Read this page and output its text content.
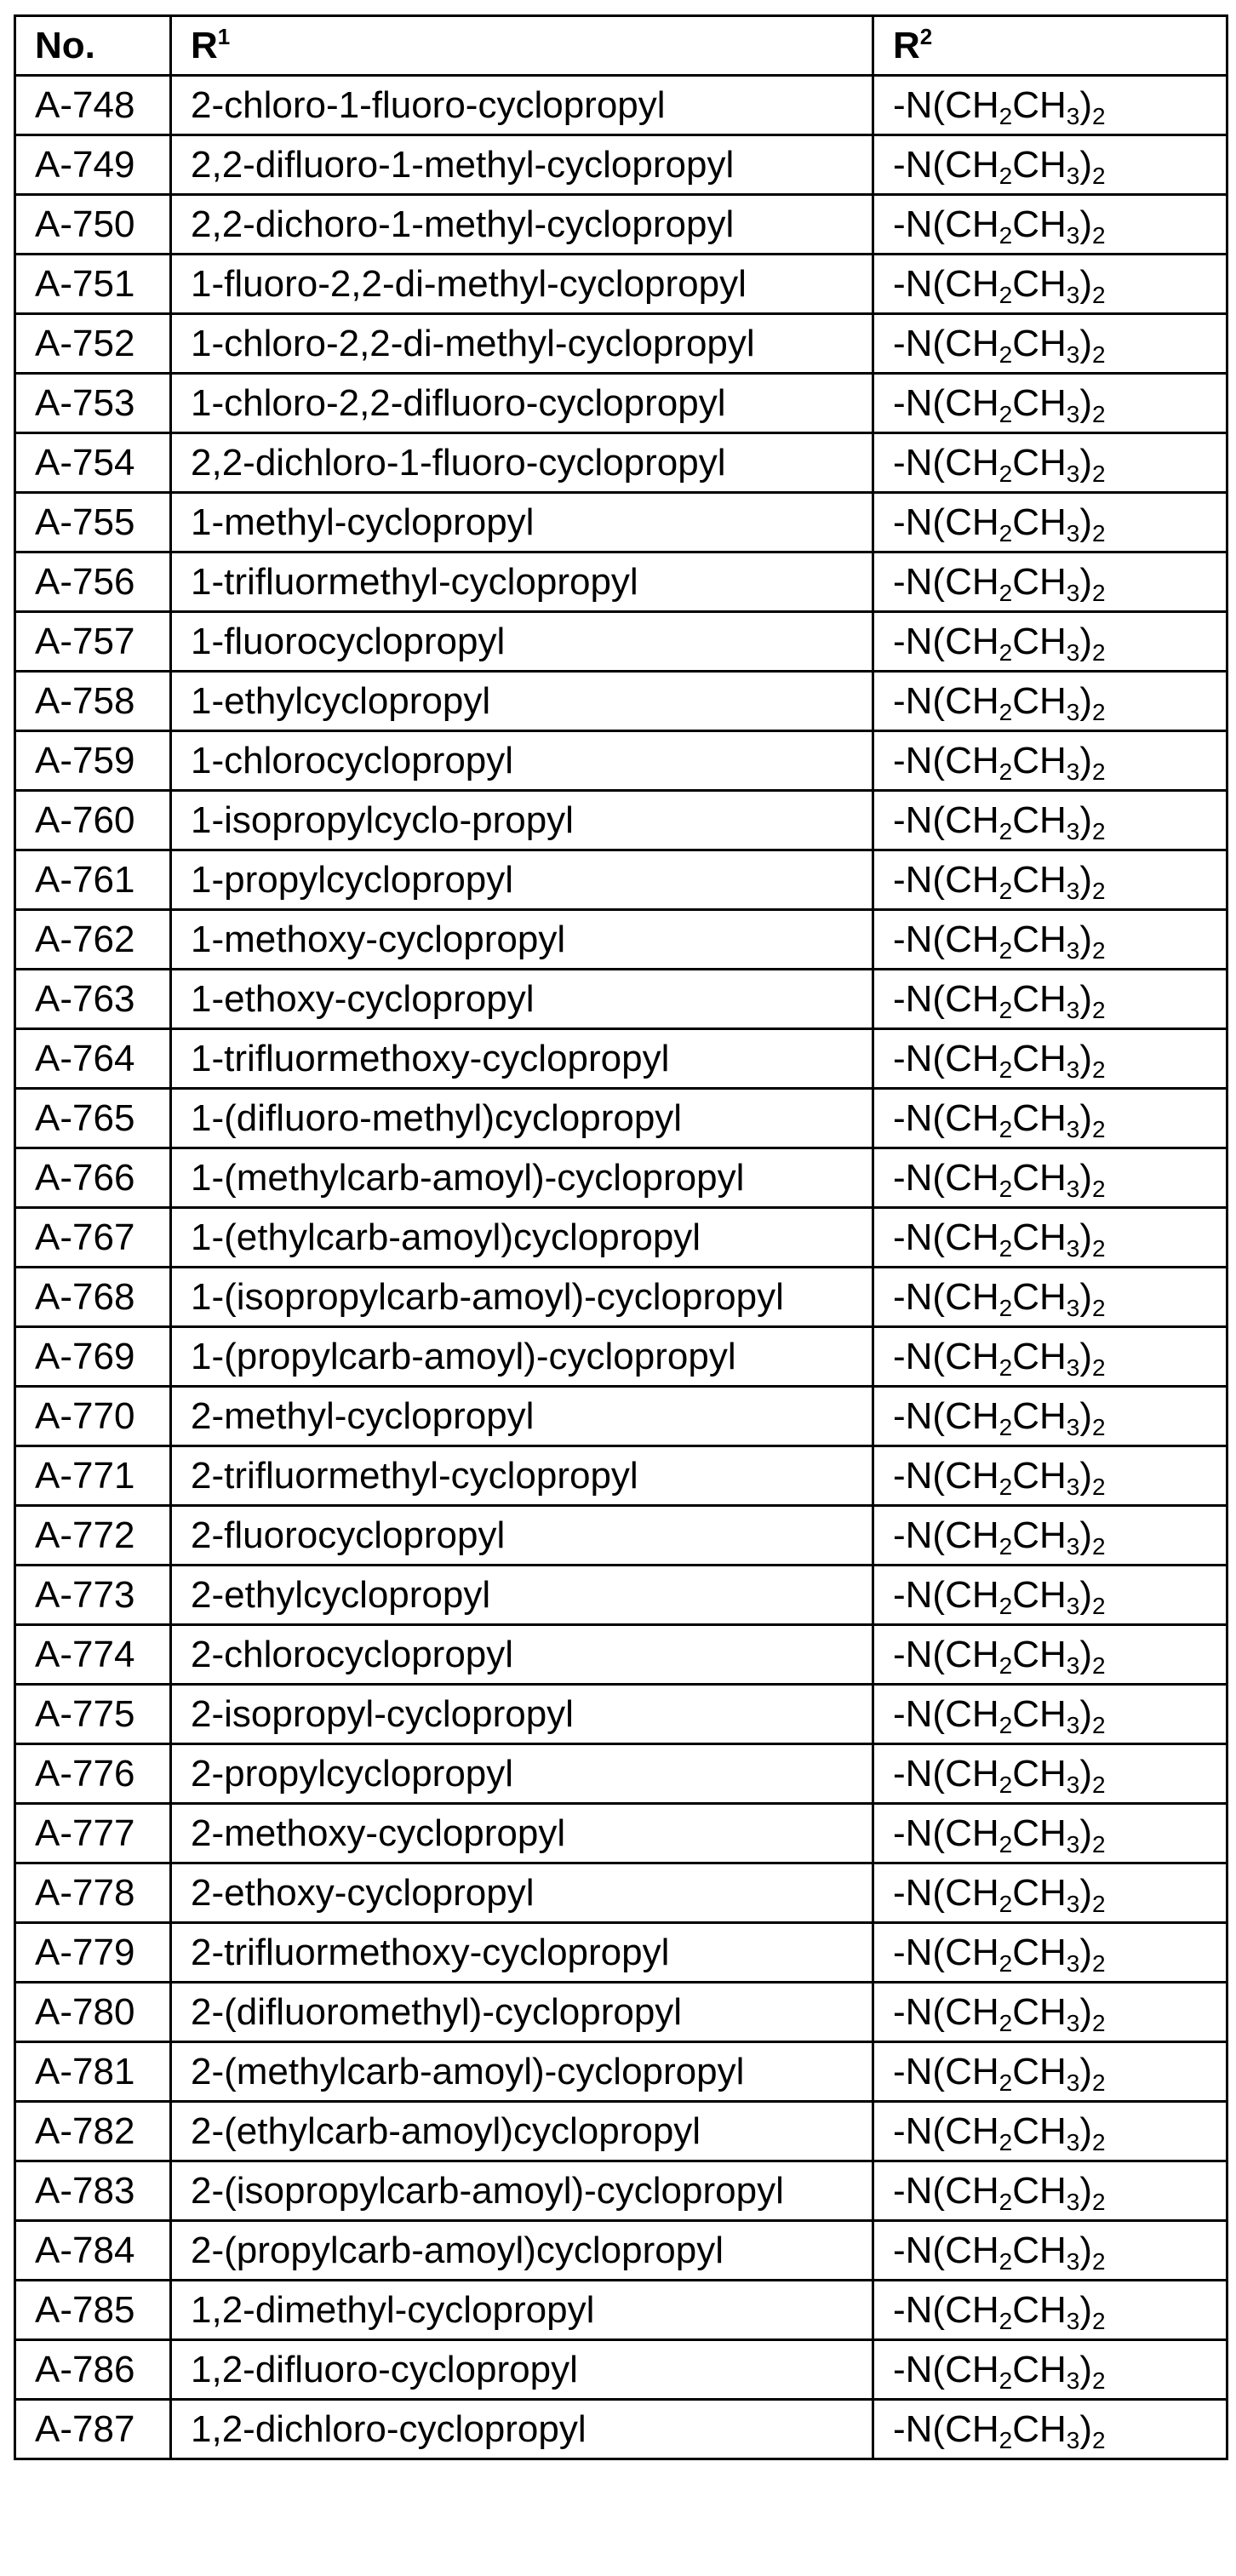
No.	$R^1$	$R^2$
A-748	2-chloro-1-fluoro-cyclopropyl	$-N(CH_2CH_3)_2$
A-749	2,2-difluoro-1-methyl-cyclopropyl	$-N(CH_2CH_3)_2$
A-750	2,2-dichoro-1-methyl-cyclopropyl	$-N(CH_2CH_3)_2$
A-751	1-fluoro-2,2-di-methyl-cyclopropyl	$-N(CH_2CH_3)_2$
A-752	1-chloro-2,2-di-methyl-cyclopropyl	$-N(CH_2CH_3)_2$
A-753	1-chloro-2,2-difluoro-cyclopropyl	$-N(CH_2CH_3)_2$
A-754	2,2-dichloro-1-fluoro-cyclopropyl	$-N(CH_2CH_3)_2$
A-755	1-methyl-cyclopropyl	$-N(CH_2CH_3)_2$
A-756	1-trifluormethyl-cyclopropyl	$-N(CH_2CH_3)_2$
A-757	1-fluorocyclopropyl	$-N(CH_2CH_3)_2$
A-758	1-ethylcyclopropyl	$-N(CH_2CH_3)_2$
A-759	1-chlorocyclopropyl	$-N(CH_2CH_3)_2$
A-760	1-isopropylcyclo-propyl	$-N(CH_2CH_3)_2$
A-761	1-propylcyclopropyl	$-N(CH_2CH_3)_2$
A-762	1-methoxy-cyclopropyl	$-N(CH_2CH_3)_2$
A-763	1-ethoxy-cyclopropyl	$-N(CH_2CH_3)_2$
A-764	1-trifluormethoxy-cyclopropyl	$-N(CH_2CH_3)_2$
A-765	1-(difluoro-methyl)cyclopropyl	$-N(CH_2CH_3)_2$
A-766	1-(methylcarb-amoyl)-cyclopropyl	$-N(CH_2CH_3)_2$
A-767	1-(ethylcarb-amoyl)cyclopropyl	$-N(CH_2CH_3)_2$
A-768	1-(isopropylcarb-amoyl)-cyclopropyl	$-N(CH_2CH_3)_2$
A-769	1-(propylcarb-amoyl)-cyclopropyl	$-N(CH_2CH_3)_2$
A-770	2-methyl-cyclopropyl	$-N(CH_2CH_3)_2$
A-771	2-trifluormethyl-cyclopropyl	$-N(CH_2CH_3)_2$
A-772	2-fluorocyclopropyl	$-N(CH_2CH_3)_2$
A-773	2-ethylcyclopropyl	$-N(CH_2CH_3)_2$
A-774	2-chlorocyclopropyl	$-N(CH_2CH_3)_2$
A-775	2-isopropyl-cyclopropyl	$-N(CH_2CH_3)_2$
A-776	2-propylcyclopropyl	$-N(CH_2CH_3)_2$
A-777	2-methoxy-cyclopropyl	$-N(CH_2CH_3)_2$
A-778	2-ethoxy-cyclopropyl	$-N(CH_2CH_3)_2$
A-779	2-trifluormethoxy-cyclopropyl	$-N(CH_2CH_3)_2$
A-780	2-(difluoromethyl)-cyclopropyl	$-N(CH_2CH_3)_2$
A-781	2-(methylcarb-amoyl)-cyclopropyl	$-N(CH_2CH_3)_2$
A-782	2-(ethylcarb-amoyl)cyclopropyl	$-N(CH_2CH_3)_2$
A-783	2-(isopropylcarb-amoyl)-cyclopropyl	$-N(CH_2CH_3)_2$
A-784	2-(propylcarb-amoyl)cyclopropyl	$-N(CH_2CH_3)_2$
A-785	1,2-dimethyl-cyclopropyl	$-N(CH_2CH_3)_2$
A-786	1,2-difluoro-cyclopropyl	$-N(CH_2CH_3)_2$
A-787	1,2-dichloro-cyclopropyl	$-N(CH_2CH_3)_2$
